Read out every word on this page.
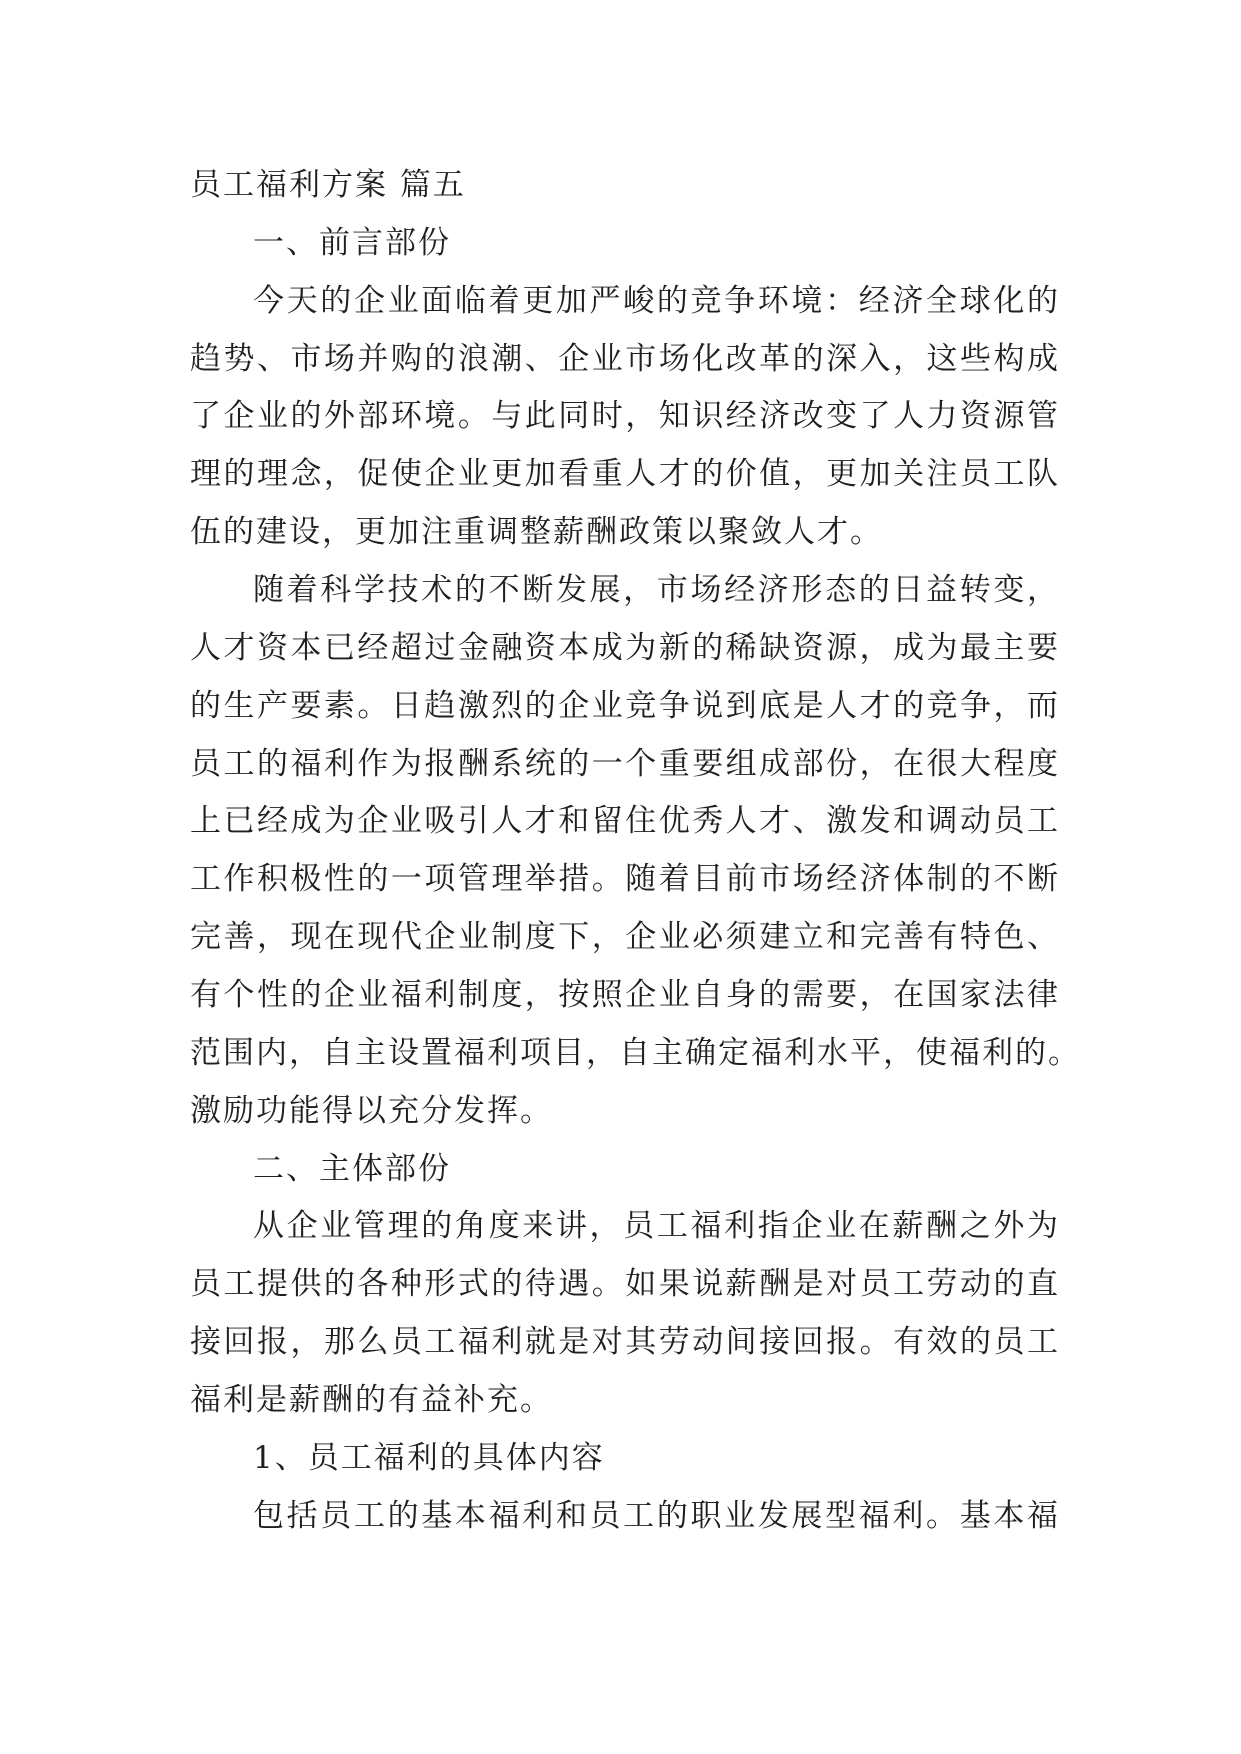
员工福利方案 篇五
一、前言部份
今天的企业面临着更加严峻的竞争环境：经济全球化的
趋势、市场并购的浪潮、企业市场化改革的深入，这些构成
了企业的外部环境。与此同时，知识经济改变了人力资源管
理的理念，促使企业更加看重人才的价值，更加关注员工队
伍的建设，更加注重调整薪酬政策以聚敛人才。
随着科学技术的不断发展，市场经济形态的日益转变，
人才资本已经超过金融资本成为新的稀缺资源，成为最主要
的生产要素。日趋激烈的企业竞争说到底是人才的竞争，而
员工的福利作为报酬系统的一个重要组成部份，在很大程度
上已经成为企业吸引人才和留住优秀人才、激发和调动员工
工作积极性的一项管理举措。随着目前市场经济体制的不断
完善，现在现代企业制度下，企业必须建立和完善有特色、
有个性的企业福利制度，按照企业自身的需要，在国家法律
范围内，自主设置福利项目，自主确定福利水平，使福利的。
激励功能得以充分发挥。
二、主体部份
从企业管理的角度来讲，员工福利指企业在薪酬之外为
员工提供的各种形式的待遇。如果说薪酬是对员工劳动的直
接回报，那么员工福利就是对其劳动间接回报。有效的员工
福利是薪酬的有益补充。
1、员工福利的具体内容
包括员工的基本福利和员工的职业发展型福利。基本福
